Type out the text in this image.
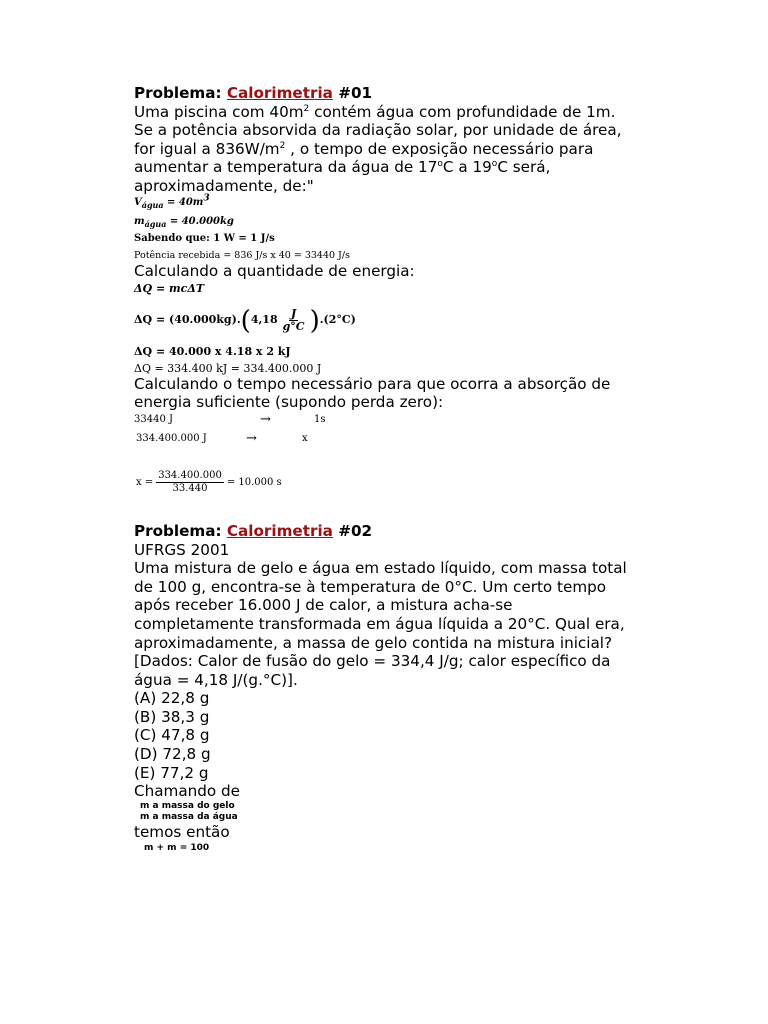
Problema: Calorimetria #01
Uma piscina com $40m^2$ contém água com profundidade de 1m.
Se a potência absorvida da radiação solar, por unidade de área,
for igual a $836W/m^2$ , o tempo de exposição necessário para
aumentar a temperatura da água de 17$^o$C a 19$^o$C será,
aproximadamente, de:"
$V_{água} = 40m^3$
$m_{água} = 40.000kg$
Sabendo que: 1 W = 1 J/s
Potência recebida = 836 J/s x 40 = 33440 J/s
Calculando a quantidade de energia:
ΔQ = mcΔT
ΔQ = (40.000kg). ( $4,18 \frac{J}{g^\circ C}$ ) .(2°C)
ΔQ = 40.000 x 4.18 x 2 kJ
ΔQ = 334.400 kJ = 334.400.000 J
Calculando o tempo necessário para que ocorra a absorção de
energia suficiente (supondo perda zero):
33440 J	→	1s
334.400.000 J	→	x
$x = \frac{334.400.000}{33.440} = 10.000$ s
Problema: Calorimetria #02
UFRGS 2001
Uma mistura de gelo e água em estado líquido, com massa total
de 100 g, encontra-se à temperatura de 0°C. Um certo tempo
após receber 16.000 J de calor, a mistura acha-se
completamente transformada em água líquida a 20°C. Qual era,
aproximadamente, a massa de gelo contida na mistura inicial?
[Dados: Calor de fusão do gelo = 334,4 J/g; calor específico da
água = 4,18 J/(g.°C)].
(A) 22,8 g
(B) 38,3 g
(C) 47,8 g
(D) 72,8 g
(E) 77,2 g
Chamando de
m a massa do gelo
m a massa da água
temos então
m + m = 100
